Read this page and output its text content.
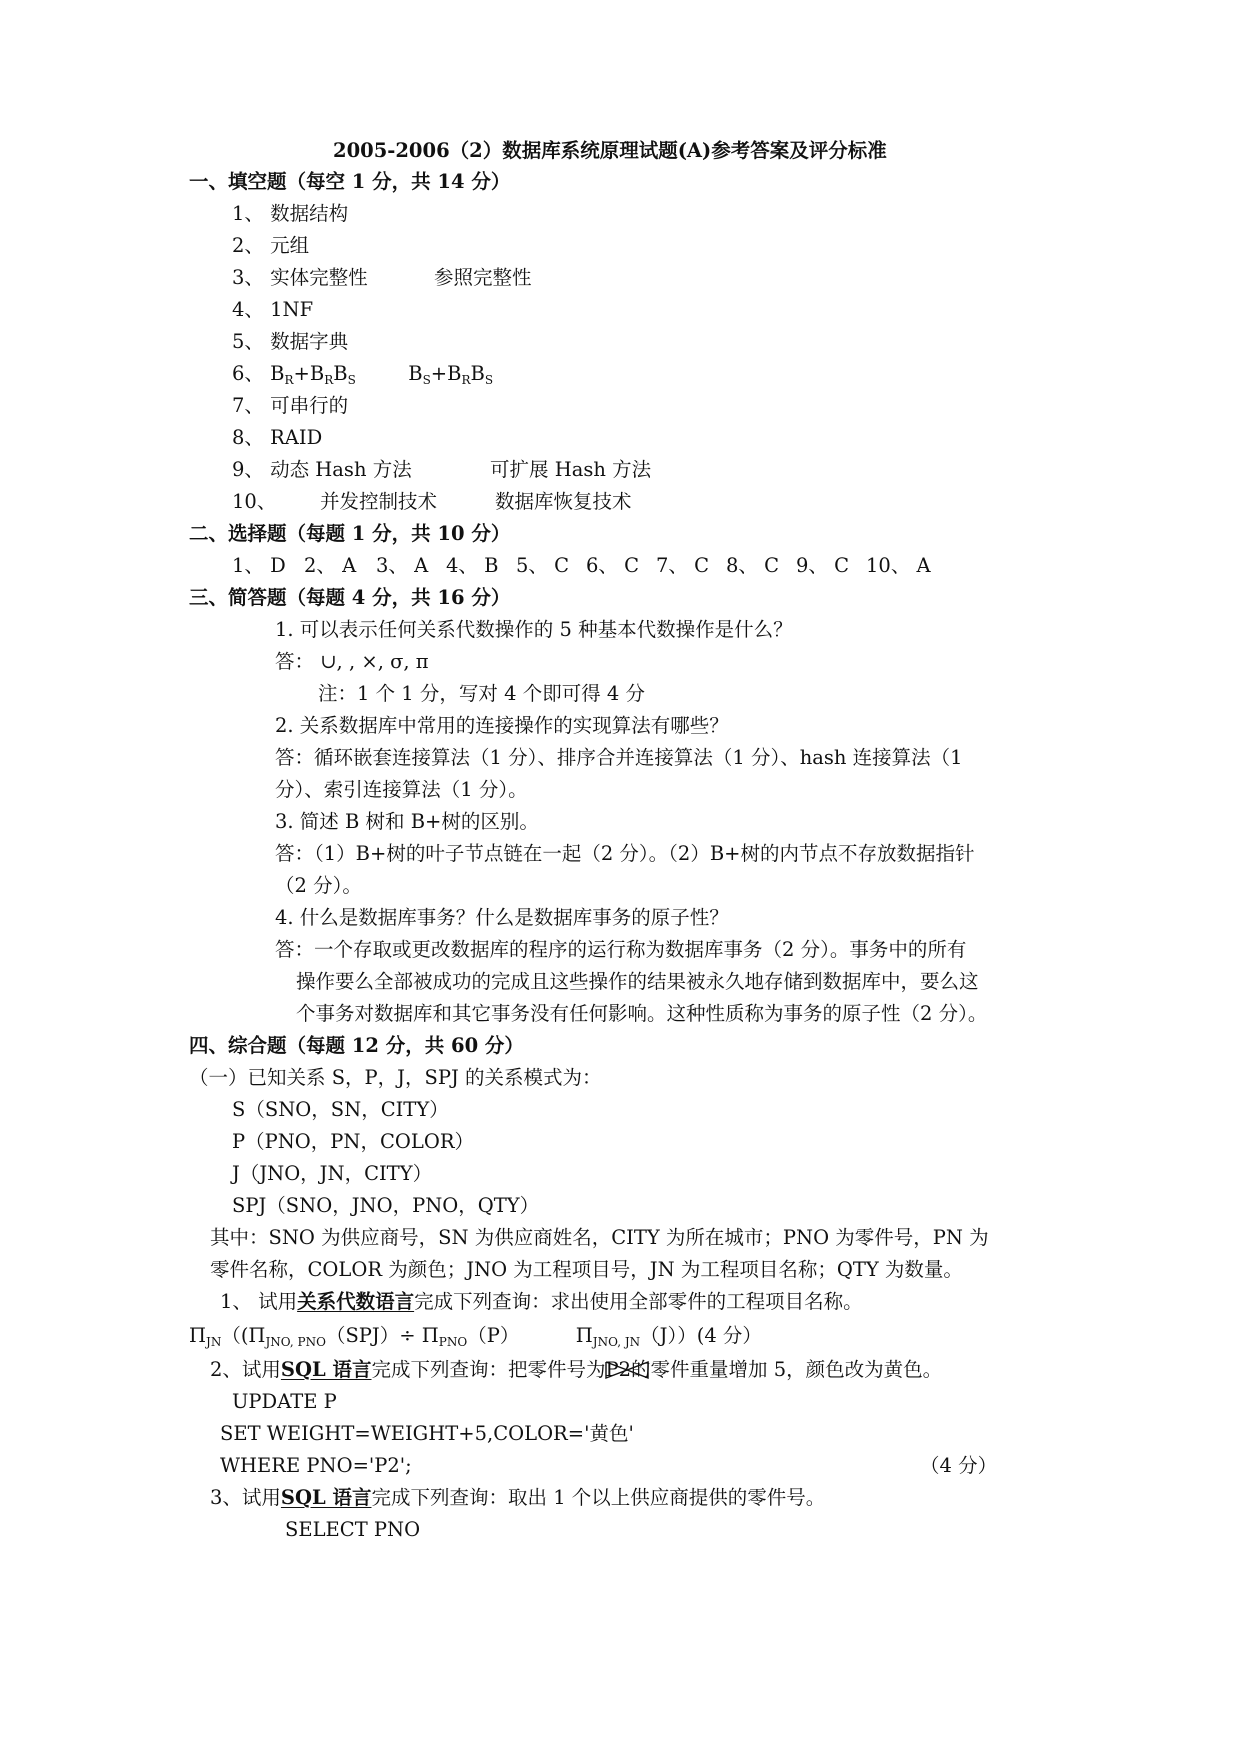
2005-2006（2）数据库系统原理试题(A)参考答案及评分标准
一、填空题（每空 1 分，共 14 分）
1、 数据结构
2、 元组
3、 实体完整性	参照完整性
4、 1NF
5、 数据字典
6、 $B_R+B_RB_S$	$B_S+B_RB_S$
7、 可串行的
8、 RAID
9、 动态 Hash 方法	可扩展 Hash 方法
10、 并发控制技术	数据库恢复技术
二、选择题（每题 1 分，共 10 分）
1、 D 2、 A 3、 A 4、 B 5、 C 6、 C 7、 C 8、 C 9、 C 10、 A
三、简答题（每题 4 分，共 16 分）
1. 可以表示任何关系代数操作的 5 种基本代数操作是什么？
答： ∪, , ×, σ, π
注：1 个 1 分，写对 4 个即可得 4 分
2. 关系数据库中常用的连接操作的实现算法有哪些？
答：循环嵌套连接算法（1 分）、排序合并连接算法（1 分）、hash 连接算法（1
分）、索引连接算法（1 分）。
3. 简述 B 树和 B+树的区别。
答：（1）B+树的叶子节点链在一起（2 分）。（2）B+树的内节点不存放数据指针
（2 分）。
4. 什么是数据库事务？什么是数据库事务的原子性？
答：一个存取或更改数据库的程序的运行称为数据库事务（2 分）。事务中的所有
操作要么全部被成功的完成且这些操作的结果被永久地存储到数据库中，要么这
个事务对数据库和其它事务没有任何影响。这种性质称为事务的原子性（2 分）。
四、综合题（每题 12 分，共 60 分）
（一）已知关系 S，P，J，SPJ 的关系模式为：
S（SNO，SN，CITY）
P（PNO，PN，COLOR）
J（JNO，JN，CITY）
SPJ（SNO，JNO，PNO，QTY）
其中：SNO 为供应商号，SN 为供应商姓名，CITY 为所在城市；PNO 为零件号，PN 为
零件名称，COLOR 为颜色；JNO 为工程项目号，JN 为工程项目名称；QTY 为数量。
1、 试用关系代数语言完成下列查询：求出使用全部零件的工程项目名称。
$\Pi_{JN}((\Pi_{JNO, PNO}(SPJ)\div \Pi_{PNO}(P)$	$\Pi_{JNO, JN}(J))(4$ 分）
2、试用SQL 语言完成下列查询：把零件号为P2
的零件重量增加 5，颜色改为黄色。
UPDATE P
SET WEIGHT=WEIGHT+5,COLOR='黄色'
WHERE PNO='P2';	（4 分）
3、试用SQL 语言完成下列查询：取出 1 个以上供应商提供的零件号。
SELECT PNO
